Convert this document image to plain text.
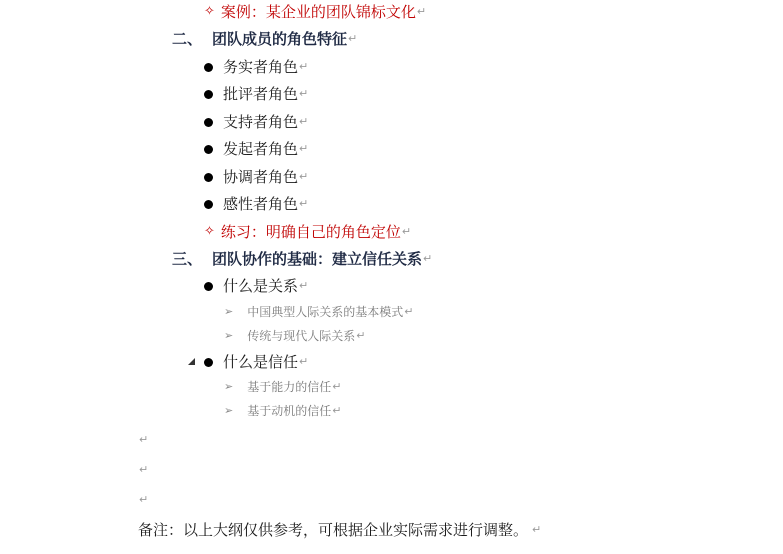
✧ 案例：某企业的团队锦标文化 ↵
二、 团队成员的角色特征 ↵
务实者角色 ↵
批评者角色 ↵
支持者角色 ↵
发起者角色 ↵
协调者角色 ↵
感性者角色 ↵
✧ 练习：明确自己的角色定位 ↵
三、 团队协作的基础：建立信任关系 ↵
什么是关系 ↵
➢ 中国典型人际关系的基本模式 ↵
➢ 传统与现代人际关系 ↵
什么是信任 ↵
➢ 基于能力的信任 ↵
➢ 基于动机的信任 ↵
↵
↵
↵
备注：以上大纲仅供参考，可根据企业实际需求进行调整。 ↵
